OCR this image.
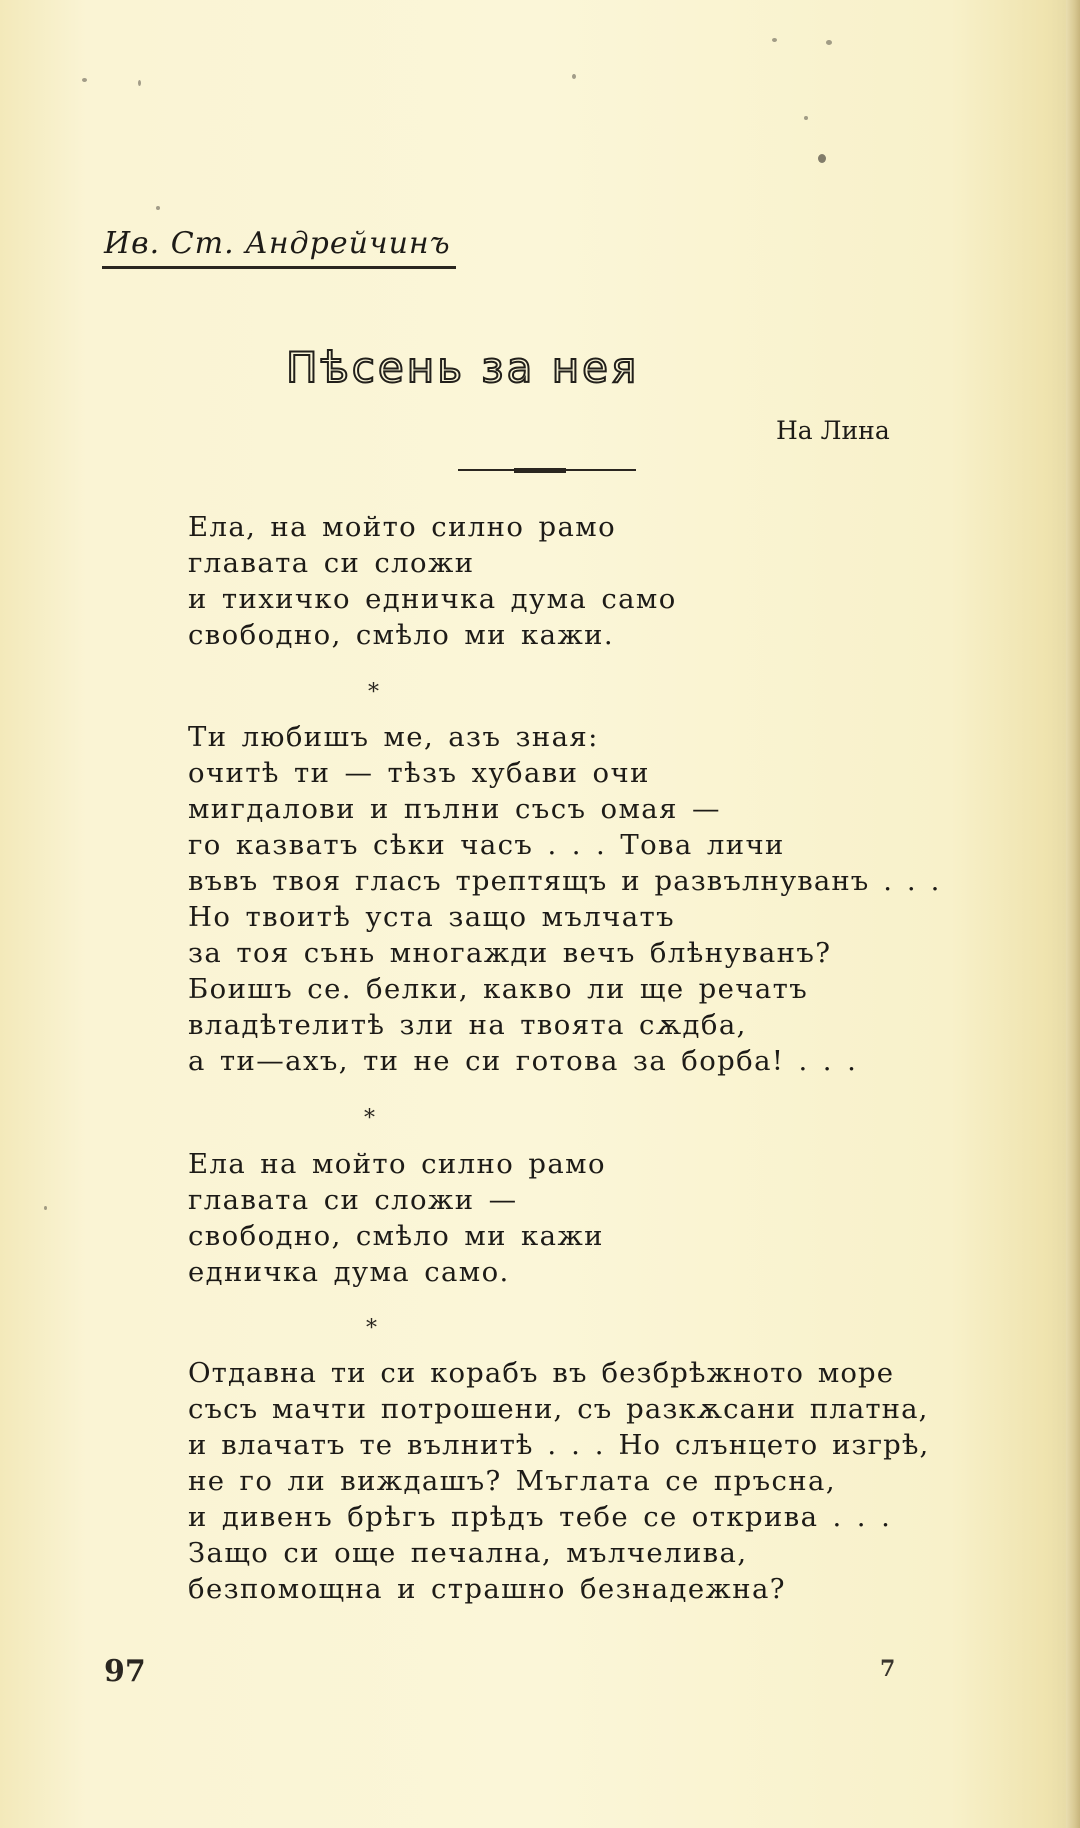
Ив. Ст. Андрейчинъ

Пѣсень за нея

На Лина

Ела, на мойто силно рамо

главата си сложи

и тихичко едничка дума само

свободно, смѣло ми кажи.

*

Ти любишъ ме, азъ зная:

очитѣ ти — тѣзъ хубави очи

мигдалови и пълни съсъ омая —

го казватъ сѣки часъ . . . Това личи

въвъ твоя гласъ трептящъ и развълнуванъ . . .

Но твоитѣ уста защо мълчатъ

за тоя сънь многажди вечъ блѣнуванъ?

Боишъ се. белки, какво ли ще речатъ

владѣтелитѣ зли на твоята сѫдба,

а ти—ахъ, ти не си готова за борба! . . .

*

Ела на мойто силно рамо

главата си сложи —

свободно, смѣло ми кажи

едничка дума само.

*

Отдавна ти си корабъ въ безбрѣжното море

съсъ мачти потрошени, съ разкѫсани платна,

и влачатъ те вълнитѣ . . . Но слънцето изгрѣ,

не го ли виждашъ? Мъглата се пръсна,

и дивенъ брѣгъ прѣдъ тебе се открива . . .

Защо си още печална, мълчелива,

безпомощна и страшно безнадежна?

97	7
